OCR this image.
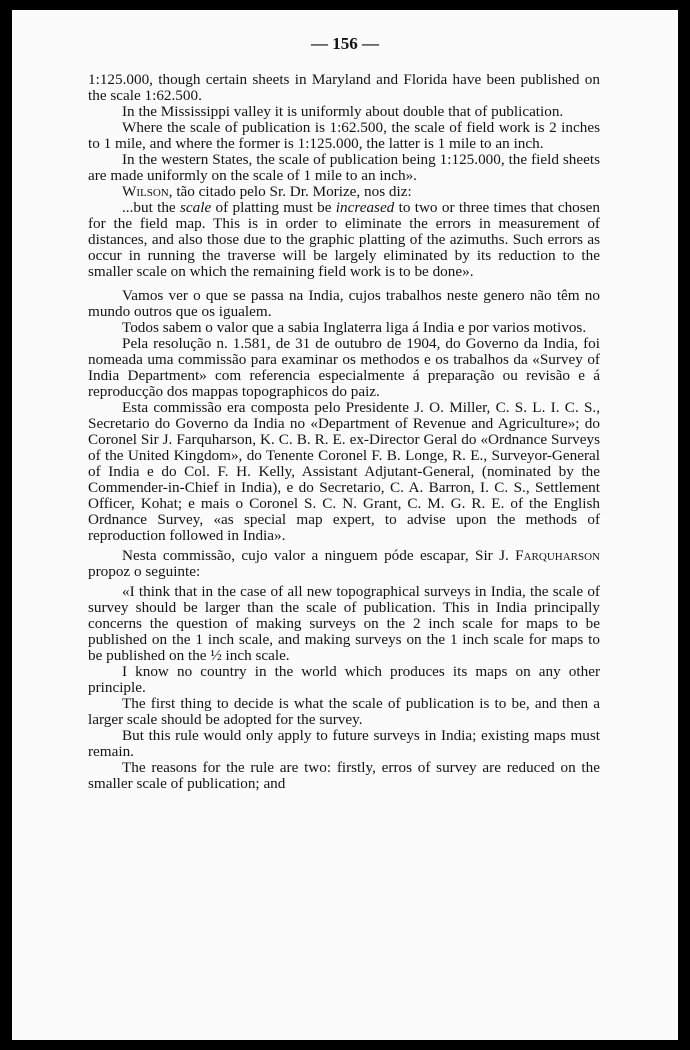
— 156 —

1:125.000, though certain sheets in Maryland and Florida have been published on the scale 1:62.500.

In the Mississippi valley it is uniformly about double that of publication.

Where the scale of publication is 1:62.500, the scale of field work is 2 inches to 1 mile, and where the former is 1:125.000, the latter is 1 mile to an inch.

In the western States, the scale of publication being 1:125.000, the field sheets are made uniformly on the scale of 1 mile to an inch».

Wilson, tão citado pelo Sr. Dr. Morize, nos diz:

...but the scale of platting must be increased to two or three times that chosen for the field map. This is in order to eliminate the errors in measurement of distances, and also those due to the graphic platting of the azimuths. Such errors as occur in running the traverse will be largely eliminated by its reduction to the smaller scale on which the remaining field work is to be done».

Vamos ver o que se passa na India, cujos trabalhos neste genero não têm no mundo outros que os igualem.

Todos sabem o valor que a sabia Inglaterra liga á India e por varios motivos.

Pela resolução n. 1.581, de 31 de outubro de 1904, do Governo da India, foi nomeada uma commissão para examinar os methodos e os trabalhos da «Survey of India Department» com referencia especialmente á preparação ou revisão e á reproducção dos mappas topographicos do paiz.

Esta commissão era composta pelo Presidente J. O. Miller, C. S. L. I. C. S., Secretario do Governo da India no «Department of Revenue and Agriculture»; do Coronel Sir J. Farquharson, K. C. B. R. E. ex-Director Geral do «Ordnance Surveys of the United Kingdom», do Tenente Coronel F. B. Longe, R. E., Surveyor-General of India e do Col. F. H. Kelly, Assistant Adjutant-General, (nominated by the Commender-in-Chief in India), e do Secretario, C. A. Barron, I. C. S., Settlement Officer, Kohat; e mais o Coronel S. C. N. Grant, C. M. G. R. E. of the English Ordnance Survey, «as special map expert, to advise upon the methods of reproduction followed in India».

Nesta commissão, cujo valor a ninguem póde escapar, Sir J. Farquharson propoz o seguinte:

«I think that in the case of all new topographical surveys in India, the scale of survey should be larger than the scale of publication. This in India principally concerns the question of making surveys on the 2 inch scale for maps to be published on the 1 inch scale, and making surveys on the 1 inch scale for maps to be published on the ½ inch scale.

I know no country in the world which produces its maps on any other principle.

The first thing to decide is what the scale of publication is to be, and then a larger scale should be adopted for the survey.

But this rule would only apply to future surveys in India; existing maps must remain.

The reasons for the rule are two: firstly, erros of survey are reduced on the smaller scale of publication; and
